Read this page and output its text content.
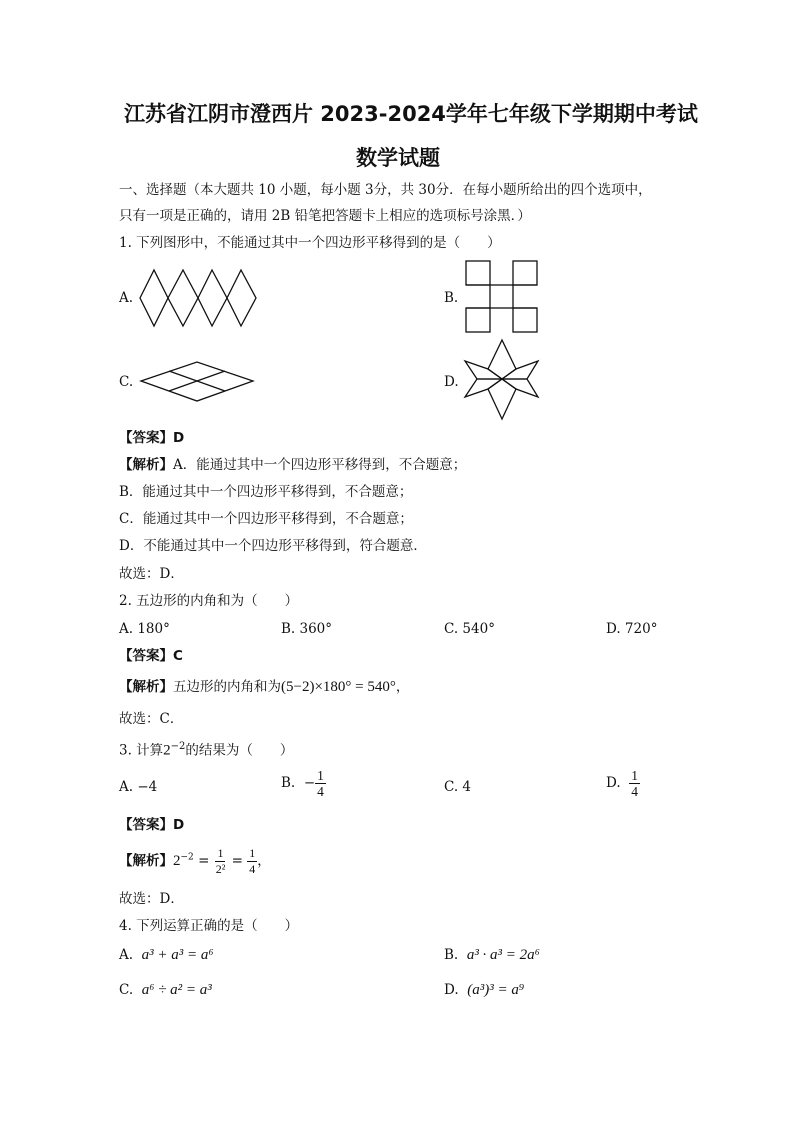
江苏省江阴市澄西片 2023-2024学年七年级下学期期中考试
数学试题
一、选择题（本大题共 10 小题，每小题 3分，共 30分．在每小题所给出的四个选项中，
只有一项是正确的，请用 2B 铅笔把答题卡上相应的选项标号涂黑．）
1. 下列图形中，不能通过其中一个四边形平移得到的是（　　）
A.	B.
C.	D.
【答案】D
【解析】A．能通过其中一个四边形平移得到，不合题意；
B．能通过其中一个四边形平移得到，不合题意；
C．能通过其中一个四边形平移得到，不合题意；
D．不能通过其中一个四边形平移得到，符合题意．
故选：D．
2. 五边形的内角和为（　　）
A. 180°	B. 360°	C. 540°	D. 720°
【答案】C
【解析】五边形的内角和为(5−2)×180° = 540°，
故选：C．
3. 计算$2^{-2}$的结果为（　　）
A. −4	B. − $\frac{1}{4}$	C. 4	D. $\frac{1}{4}$
【答案】D
【解析】$2^{-2} = \frac{1}{\text{2²}} = \frac{1}{4}$ ，
故选：D．
4. 下列运算正确的是（　　）
A. a³ + a³ = a⁶	B. a³ · a³ = 2a⁶
C. a⁶ ÷ a² = a³	D. (a³)³ = a⁹
